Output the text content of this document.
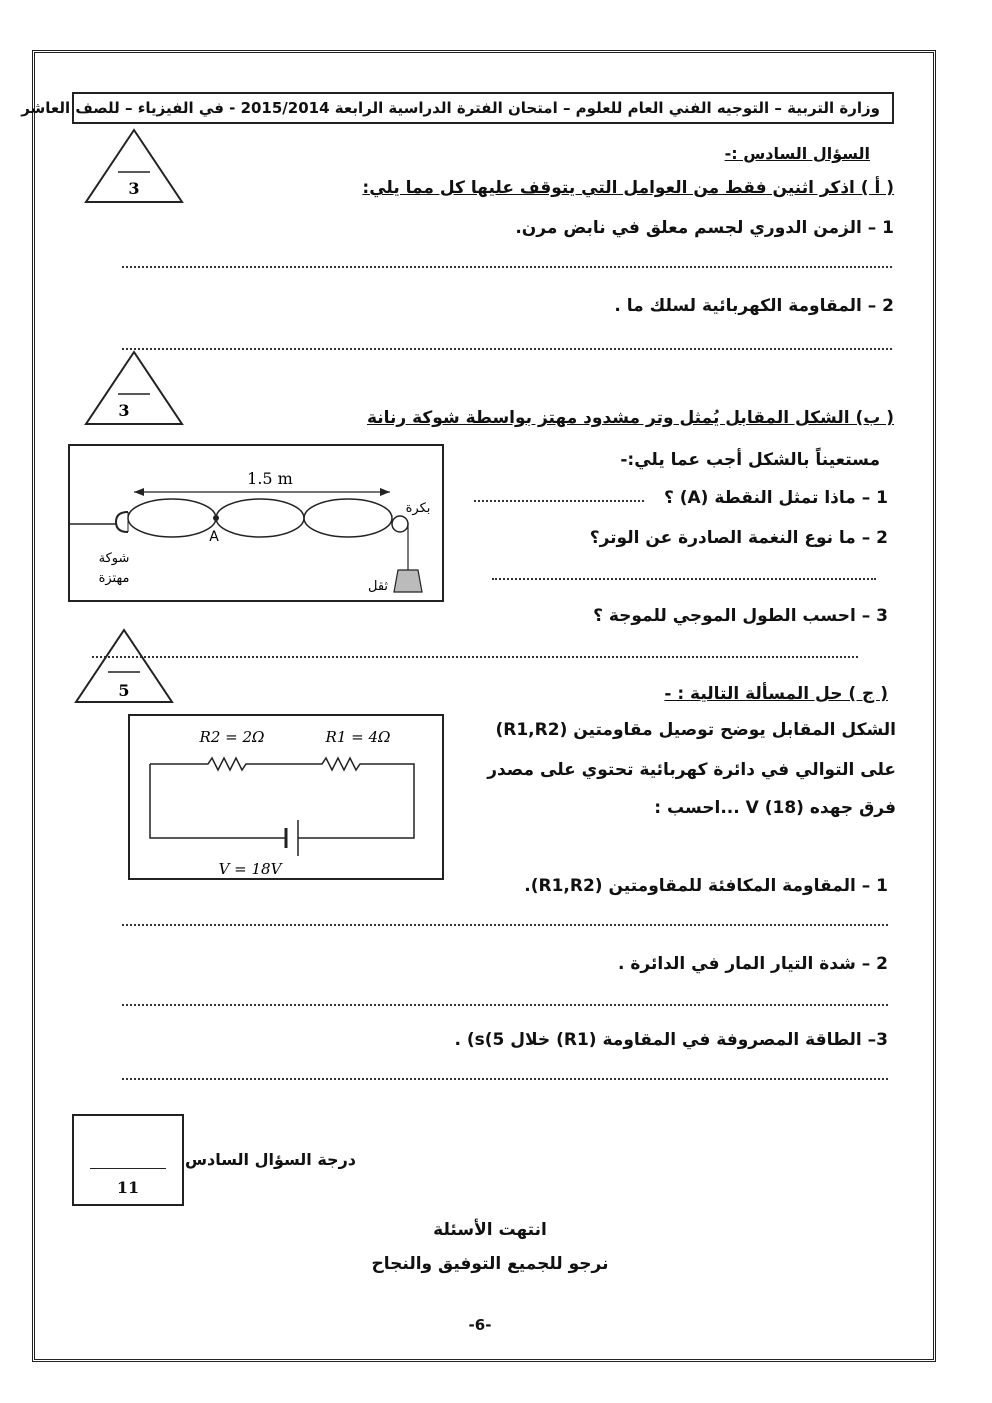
وزارة التربية – التوجيه الفني العام للعلوم – امتحان الفترة الدراسية الرابعة 2015/2014 - في الفيزياء – للصف العاشر
السؤال السادس :-
3	( أ ) اذكر اثنين فقط من العوامل التي يتوقف عليها كل مما يلي:
1 – الزمن الدوري لجسم معلق في نابض مرن.
2 – المقاومة الكهربائية لسلك ما .
3	( ب) الشكل المقابل يُمثل وتر مشدود مهتز بواسطة شوكة رنانة
1.5 m
A
بكرة
ثقل
شوكة
مهتزة
مستعيناً بالشكل أجب عما يلي:-
1 – ماذا تمثل النقطة (A) ؟
2 – ما نوع النغمة الصادرة عن الوتر؟
3 – احسب الطول الموجي للموجة ؟
5	( ج ) حل المسألة التالية : -
R2 = 2Ω	R1 = 4Ω
V = 18V
الشكل المقابل يوضح توصيل مقاومتين (R1,R2)
على التوالي في دائرة كهربائية تحتوي على مصدر
فرق جهده V (18) ...احسب :
1 – المقاومة المكافئة للمقاومتين (R1,R2).
2 – شدة التيار المار في الدائرة .
3– الطاقة المصروفة في المقاومة (R1) خلال 5)s) .
11
درجة السؤال السادس
انتهت الأسئلة
نرجو للجميع التوفيق والنجاح
-6-
